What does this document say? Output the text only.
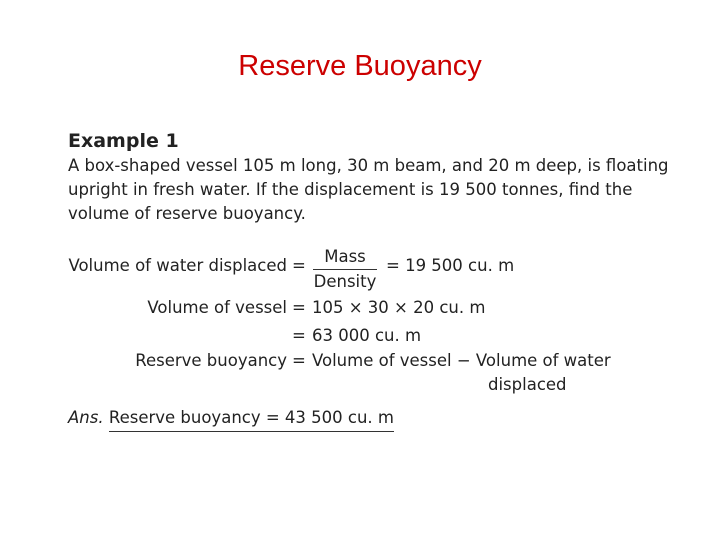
Reserve Buoyancy
Example 1

A box-shaped vessel 105 m long, 30 m beam, and 20 m deep, is floating upright in fresh water. If the displacement is 19 500 tonnes, find the volume of reserve buoyancy.

Volume of water displaced =	= 19 500 cu. m
Mass
Density
Volume of vessel = 105 × 30 × 20 cu. m
= 63 000 cu. m
Reserve buoyancy = Volume of vessel − Volume of water
displaced
Ans. Reserve buoyancy = 43 500 cu. m
